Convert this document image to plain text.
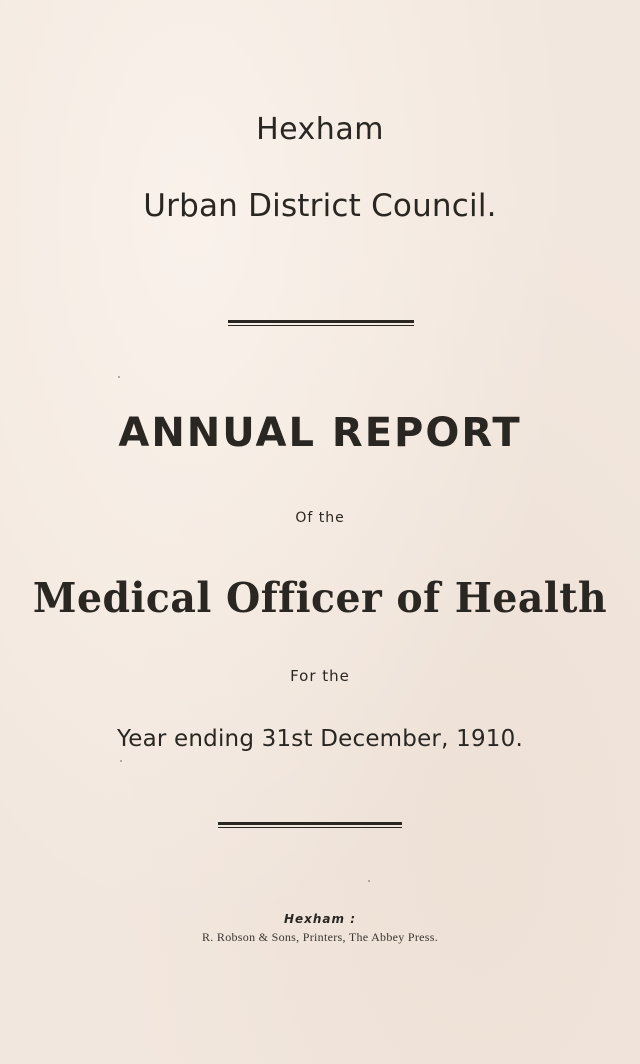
Hexham
Urban District Council.
ANNUAL REPORT
Of the
Medical Officer of Health
For the
Year ending 31st December, 1910.
Hexham :
R. Robson & Sons, Printers, The Abbey Press.
